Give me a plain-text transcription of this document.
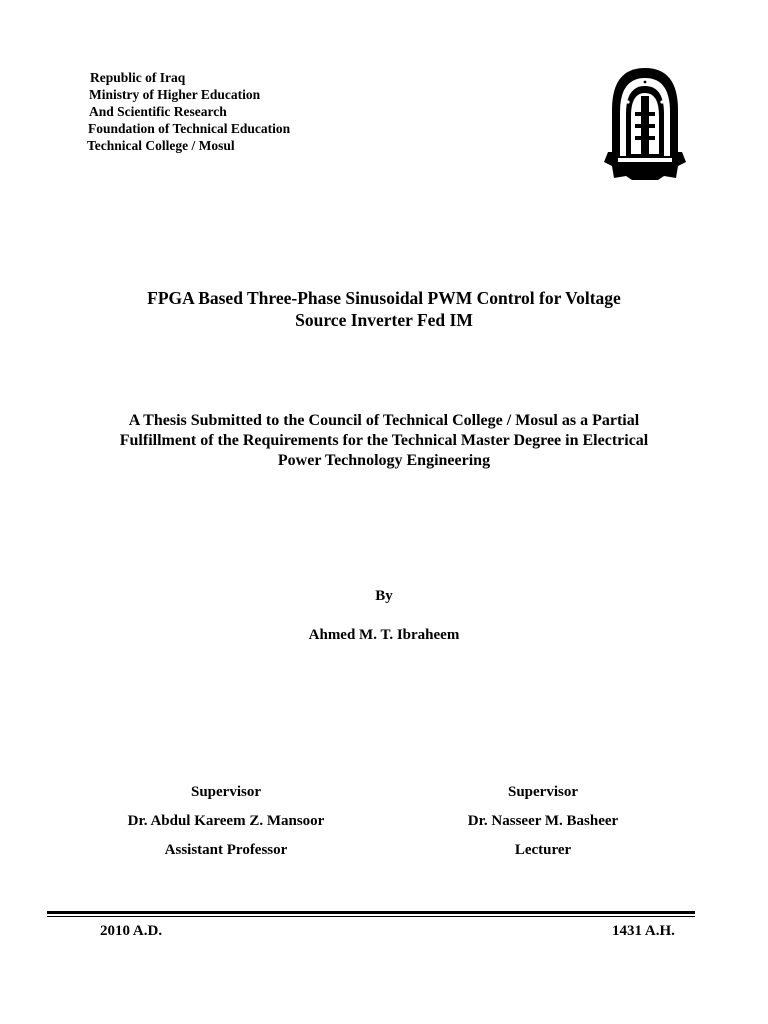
Republic of Iraq
Ministry of Higher Education
And Scientific Research
Foundation of Technical Education
Technical College / Mosul
FPGA Based Three-Phase Sinusoidal PWM Control for Voltage
Source Inverter Fed IM
A Thesis Submitted to the Council of Technical College / Mosul as a Partial
Fulfillment of the Requirements for the Technical Master Degree in Electrical
Power Technology Engineering
By
Ahmed M. T. Ibraheem
Supervisor
Dr. Abdul Kareem Z. Mansoor
Assistant Professor
Supervisor
Dr. Nasseer M. Basheer
Lecturer
2010 A.D.	1431 A.H.
